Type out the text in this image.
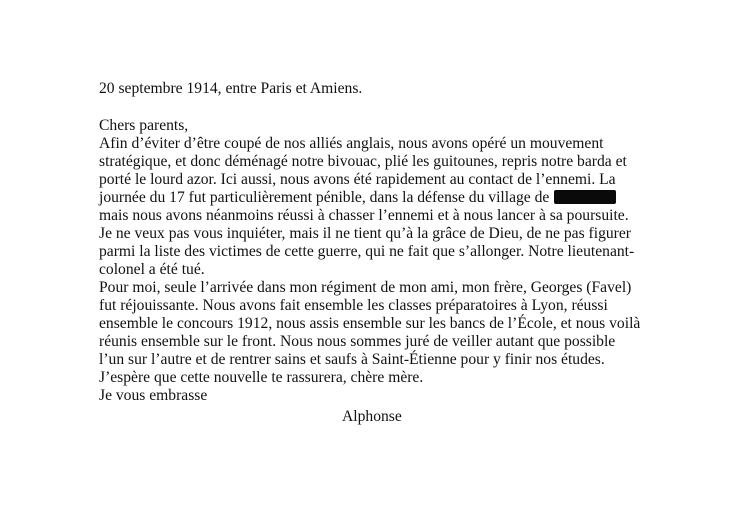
20 septembre 1914, entre Paris et Amiens.
Chers parents,
Afin d’éviter d’être coupé de nos alliés anglais, nous avons opéré un mouvement
stratégique, et donc déménagé notre bivouac, plié les guitounes, repris notre barda et
porté le lourd azor. Ici aussi, nous avons été rapidement au contact de l’ennemi. La
journée du 17 fut particulièrement pénible, dans la défense du village de
mais nous avons néanmoins réussi à chasser l’ennemi et à nous lancer à sa poursuite.
Je ne veux pas vous inquiéter, mais il ne tient qu’à la grâce de Dieu, de ne pas figurer
parmi la liste des victimes de cette guerre, qui ne fait que s’allonger. Notre lieutenant-
colonel a été tué.
Pour moi, seule l’arrivée dans mon régiment de mon ami, mon frère, Georges (Favel)
fut réjouissante. Nous avons fait ensemble les classes préparatoires à Lyon, réussi
ensemble le concours 1912, nous assis ensemble sur les bancs de l’École, et nous voilà
réunis ensemble sur le front. Nous nous sommes juré de veiller autant que possible
l’un sur l’autre et de rentrer sains et saufs à Saint-Étienne pour y finir nos études.
J’espère que cette nouvelle te rassurera, chère mère.
Je vous embrasse
Alphonse
